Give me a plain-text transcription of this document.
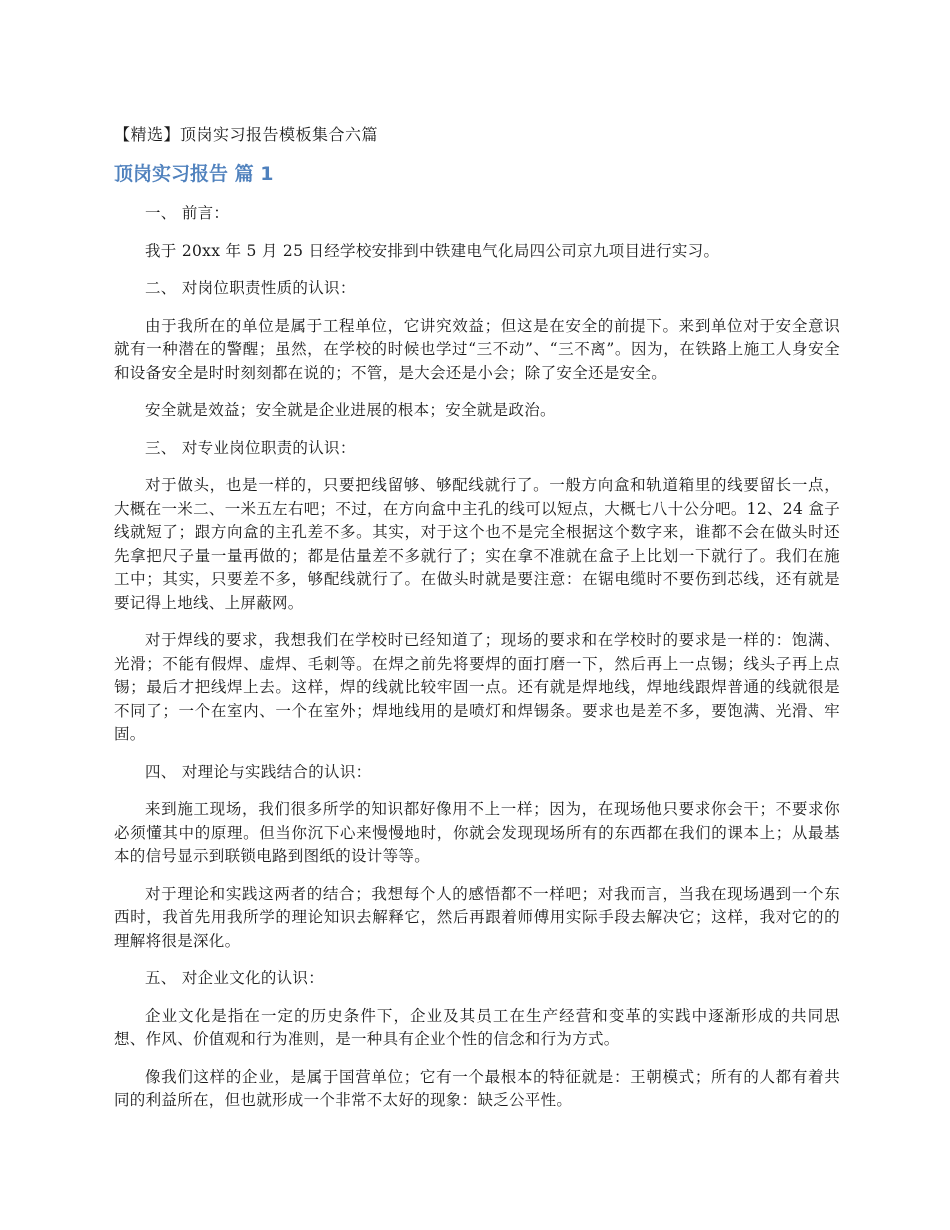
【精选】顶岗实习报告模板集合六篇
顶岗实习报告 篇 1

一、 前言：

我于 20xx 年 5 月 25 日经学校安排到中铁建电气化局四公司京九项目进行实习。

二、 对岗位职责性质的认识：

由于我所在的单位是属于工程单位，它讲究效益；但这是在安全的前提下。来到单位对于安全意识就有一种潜在的警醒；虽然，在学校的时候也学过“三不动”、“三不离”。因为，在铁路上施工人身安全和设备安全是时时刻刻都在说的；不管，是大会还是小会；除了安全还是安全。

安全就是效益；安全就是企业进展的根本；安全就是政治。

三、 对专业岗位职责的认识：

对于做头，也是一样的，只要把线留够、够配线就行了。一般方向盒和轨道箱里的线要留长一点，大概在一米二、一米五左右吧；不过，在方向盒中主孔的线可以短点，大概七八十公分吧。12、24 盒子线就短了；跟方向盒的主孔差不多。其实，对于这个也不是完全根据这个数字来，谁都不会在做头时还先拿把尺子量一量再做的；都是估量差不多就行了；实在拿不准就在盒子上比划一下就行了。我们在施工中；其实，只要差不多，够配线就行了。在做头时就是要注意：在锯电缆时不要伤到芯线，还有就是要记得上地线、上屏蔽网。

对于焊线的要求，我想我们在学校时已经知道了；现场的要求和在学校时的要求是一样的：饱满、光滑；不能有假焊、虚焊、毛刺等。在焊之前先将要焊的面打磨一下，然后再上一点锡；线头子再上点锡；最后才把线焊上去。这样，焊的线就比较牢固一点。还有就是焊地线，焊地线跟焊普通的线就很是不同了；一个在室内、一个在室外；焊地线用的是喷灯和焊锡条。要求也是差不多，要饱满、光滑、牢固。

四、 对理论与实践结合的认识：

来到施工现场，我们很多所学的知识都好像用不上一样；因为，在现场他只要求你会干；不要求你必须懂其中的原理。但当你沉下心来慢慢地时，你就会发现现场所有的东西都在我们的课本上；从最基本的信号显示到联锁电路到图纸的设计等等。

对于理论和实践这两者的结合；我想每个人的感悟都不一样吧；对我而言，当我在现场遇到一个东西时，我首先用我所学的理论知识去解释它，然后再跟着师傅用实际手段去解决它；这样，我对它的的理解将很是深化。

五、 对企业文化的认识：

企业文化是指在一定的历史条件下，企业及其员工在生产经营和变革的实践中逐渐形成的共同思想、作风、价值观和行为准则，是一种具有企业个性的信念和行为方式。

像我们这样的企业，是属于国营单位；它有一个最根本的特征就是：王朝模式；所有的人都有着共同的利益所在，但也就形成一个非常不太好的现象：缺乏公平性。
